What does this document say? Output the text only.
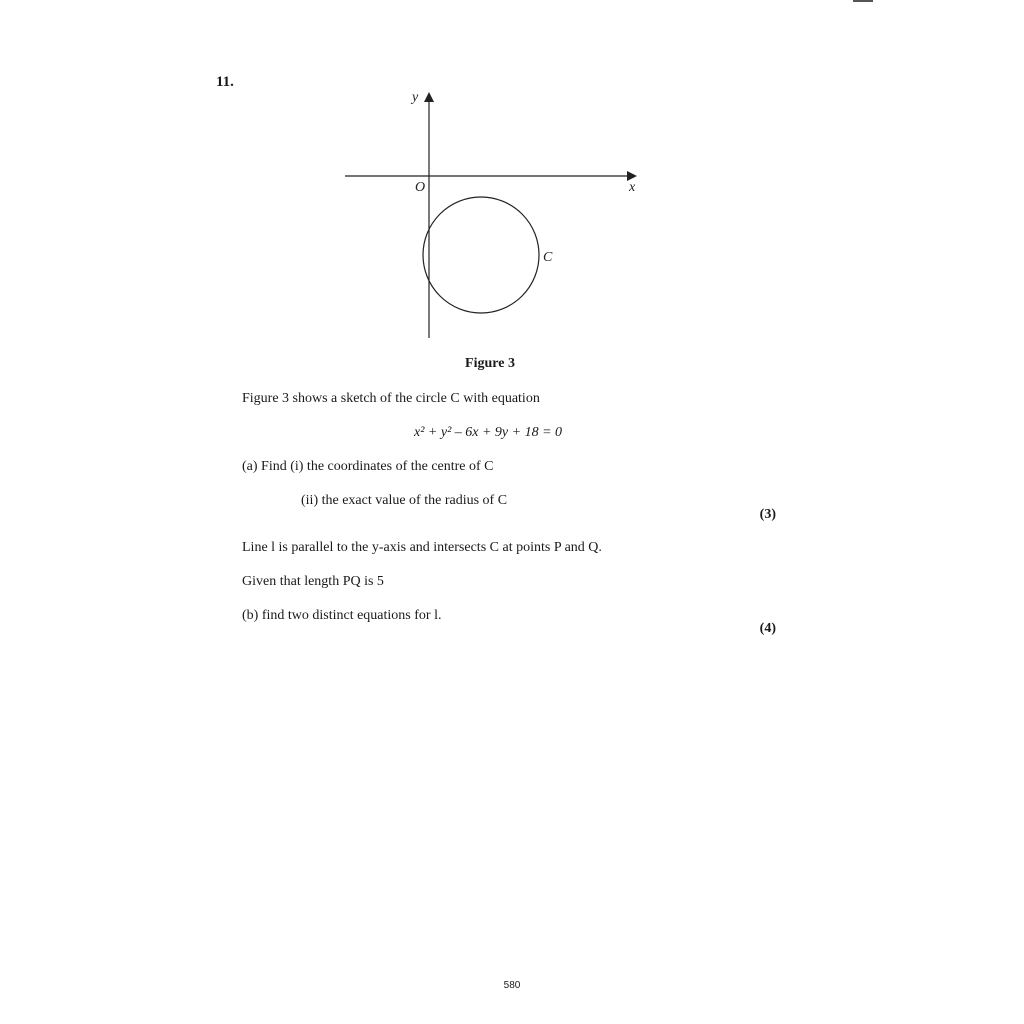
11.
y
x
O
C
Figure 3
Figure 3 shows a sketch of the circle C with equation
x² + y² – 6x + 9y + 18 = 0
(a) Find (i) the coordinates of the centre of C
(ii) the exact value of the radius of C
(3)
Line l is parallel to the y-axis and intersects C at points P and Q.
Given that length PQ is 5
(b) find two distinct equations for l.
(4)
580
